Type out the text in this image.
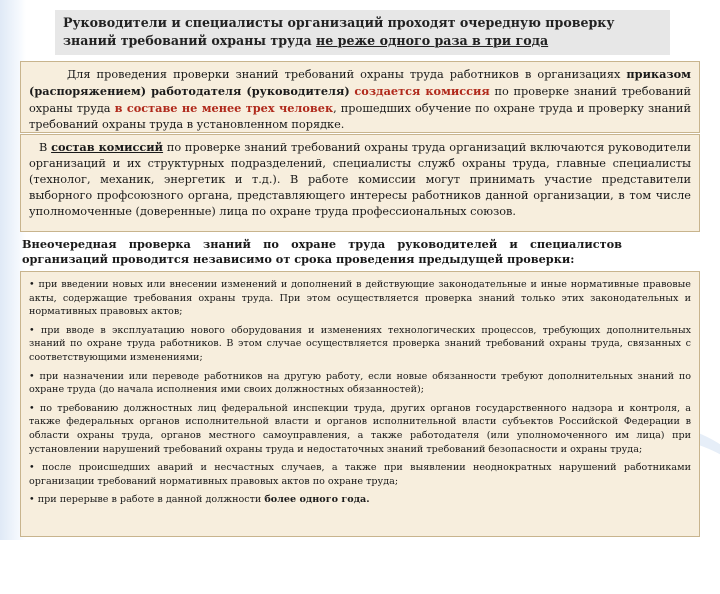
Руководители и специалисты организаций проходят очередную проверку знаний требований охраны труда не реже одного раза в три года
Для проведения проверки знаний требований охраны труда работников в организациях приказом (распоряжением) работодателя (руководителя) создается комиссия по проверке знаний требований охраны труда в составе не менее трех человек, прошедших обучение по охране труда и проверку знаний требований охраны труда в установленном порядке.
В состав комиссий по проверке знаний требований охраны труда организаций включаются руководители организаций и их структурных подразделений, специалисты служб охраны труда, главные специалисты (технолог, механик, энергетик и т.д.). В работе комиссии могут принимать участие представители выборного профсоюзного органа, представляющего интересы работников данной организации, в том числе уполномоченные (доверенные) лица по охране труда профессиональных союзов.
Внеочередная проверка знаний по охране труда руководителей и специалистов организаций проводится независимо от срока проведения предыдущей проверки:
• при введении новых или внесении изменений и дополнений в действующие законодательные и иные нормативные правовые акты, содержащие требования охраны труда. При этом осуществляется проверка знаний только этих законодательных и нормативных правовых актов;
• при вводе в эксплуатацию нового оборудования и изменениях технологических процессов, требующих дополнительных знаний по охране труда работников. В этом случае осуществляется проверка знаний требований охраны труда, связанных с соответствующими изменениями;
• при назначении или переводе работников на другую работу, если новые обязанности требуют дополнительных знаний по охране труда (до начала исполнения ими своих должностных обязанностей);
• по требованию должностных лиц федеральной инспекции труда, других органов государственного надзора и контроля, а также федеральных органов исполнительной власти и органов исполнительной власти субъектов Российской Федерации в области охраны труда, органов местного самоуправления, а также работодателя (или уполномоченного им лица) при установлении нарушений требований охраны труда и недостаточных знаний требований безопасности и охраны труда;
• после происшедших аварий и несчастных случаев, а также при выявлении неоднократных нарушений работниками организации требований нормативных правовых актов по охране труда;
• при перерыве в работе в данной должности более одного года.
